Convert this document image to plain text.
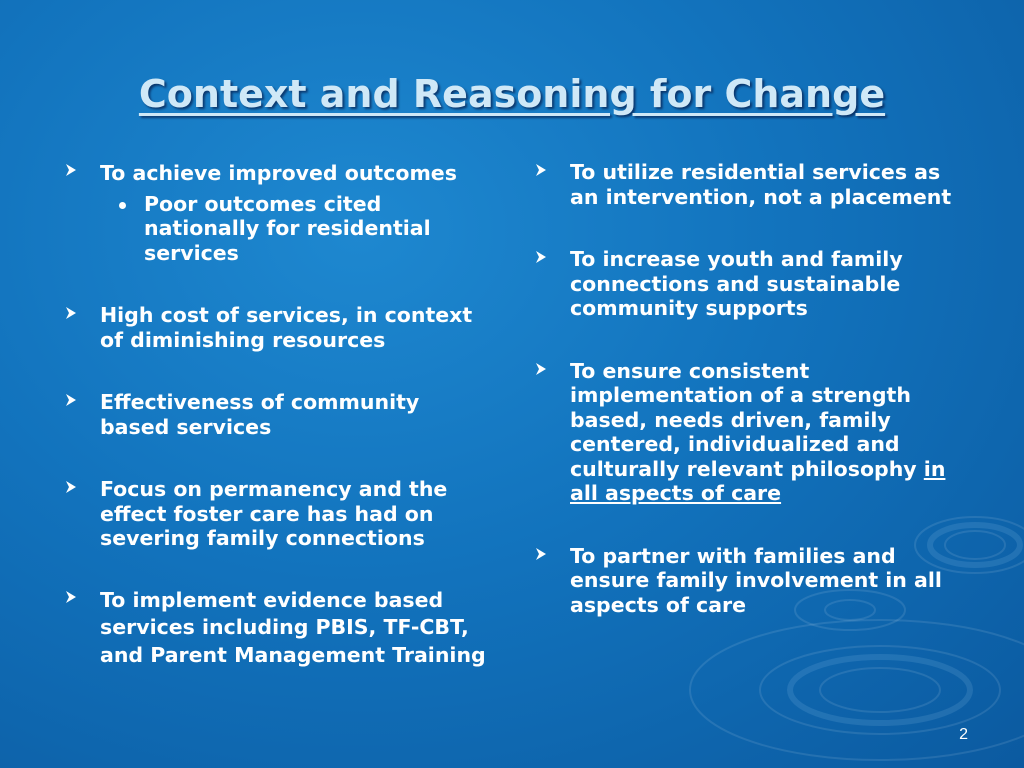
Context and Reasoning for Change
To achieve improved outcomes
Poor outcomes cited nationally for residential services
High cost of services, in context of diminishing resources
Effectiveness of community based services
Focus on permanency and the effect foster care has had on severing family connections
To implement evidence based services including PBIS, TF-CBT, and Parent Management Training
To utilize residential services as an intervention, not a placement
To increase youth and family connections and sustainable community supports
To ensure consistent implementation of a strength based, needs driven, family centered, individualized and culturally relevant philosophy in all aspects of care
To partner with families and ensure family involvement in all aspects of care
2
